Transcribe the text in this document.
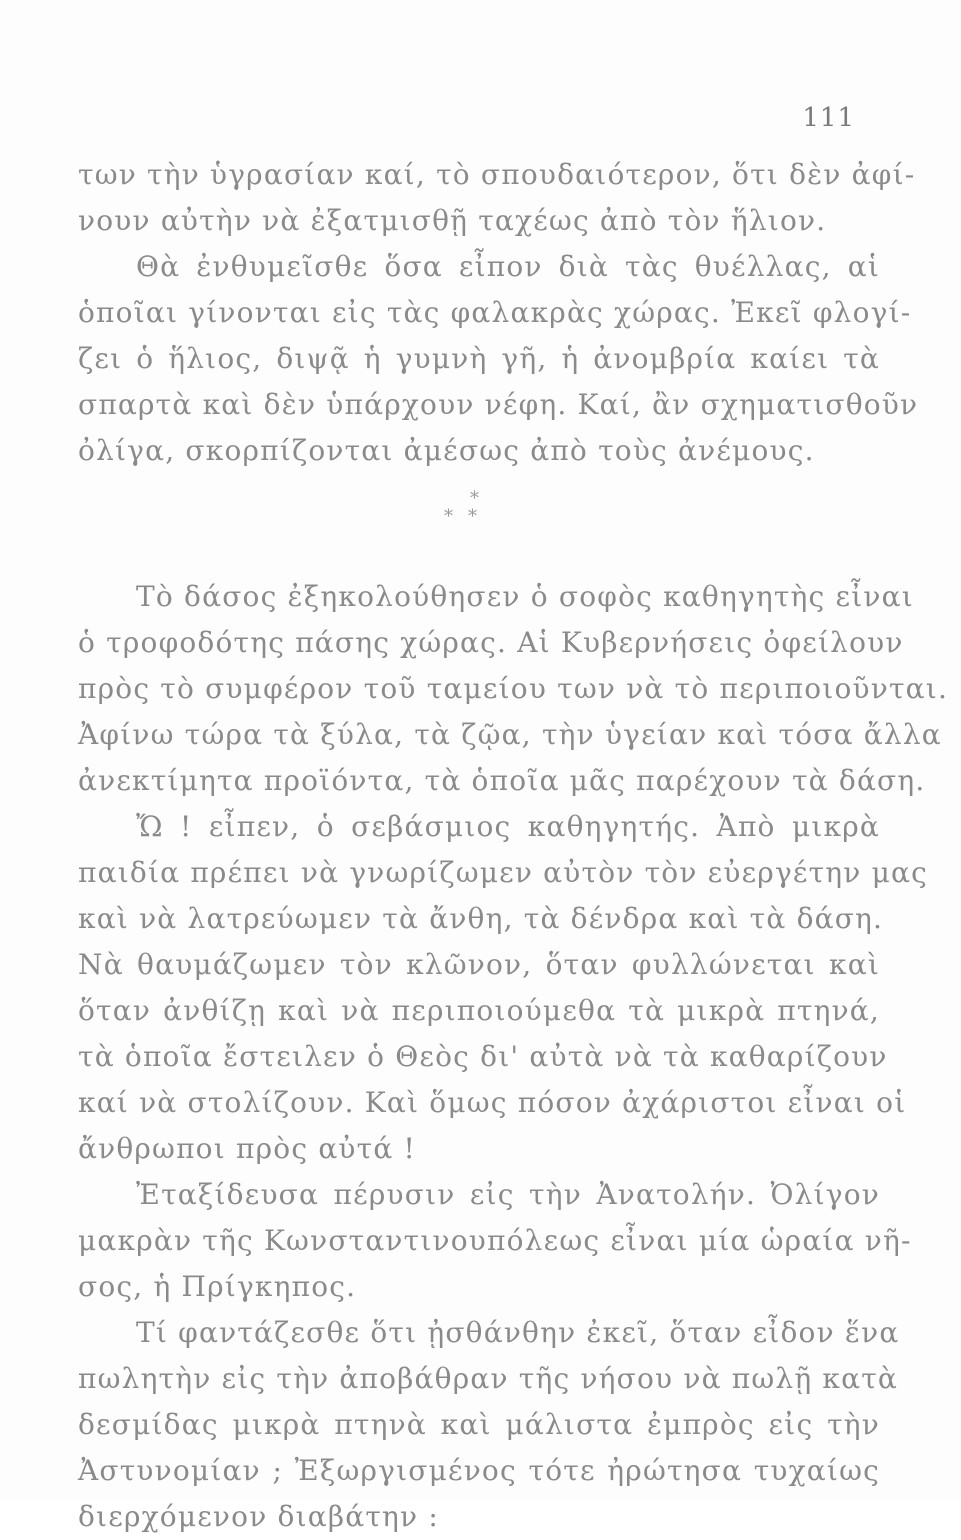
111
των τὴν ὑγρασίαν καί, τὸ σπουδαιότερον, ὅτι δὲν ἀφί-
νουν αὐτὴν νὰ ἐξατμισθῇ ταχέως ἀπὸ τὸν ἥλιον.
Θὰ ἐνθυμεῖσθε ὅσα εἶπον διὰ τὰς θυέλλας, αἱ
ὁποῖαι γίνονται εἰς τὰς φαλακρὰς χώρας. Ἐκεῖ φλογί-
ζει ὁ ἥλιος, διψᾷ ἡ γυμνὴ γῆ, ἡ ἀνομβρία καίει τὰ
σπαρτὰ καὶ δὲν ὑπάρχουν νέφη. Καί, ἂν σχηματισθοῦν
ὀλίγα, σκορπίζονται ἀμέσως ἀπὸ τοὺς ἀνέμους.
*
* *
Τὸ δάσος ἐξηκολούθησεν ὁ σοφὸς καθηγητὴς εἶναι
ὁ τροφοδότης πάσης χώρας. Αἱ Κυβερνήσεις ὀφείλουν
πρὸς τὸ συμφέρον τοῦ ταμείου των νὰ τὸ περιποιοῦνται.
Ἀφίνω τώρα τὰ ξύλα, τὰ ζῷα, τὴν ὑγείαν καὶ τόσα ἄλλα
ἀνεκτίμητα προϊόντα, τὰ ὁποῖα μᾶς παρέχουν τὰ δάση.
Ὤ ! εἶπεν, ὁ σεβάσμιος καθηγητής. Ἀπὸ μικρὰ
παιδία πρέπει νὰ γνωρίζωμεν αὐτὸν τὸν εὐεργέτην μας
καὶ νὰ λατρεύωμεν τὰ ἄνθη, τὰ δένδρα καὶ τὰ δάση.
Νὰ θαυμάζωμεν τὸν κλῶνον, ὅταν φυλλώνεται καὶ
ὅταν ἀνθίζῃ καὶ νὰ περιποιούμεθα τὰ μικρὰ πτηνά,
τὰ ὁποῖα ἔστειλεν ὁ Θεὸς δι' αὐτὰ νὰ τὰ καθαρίζουν
καί νὰ στολίζουν. Καὶ ὅμως πόσον ἀχάριστοι εἶναι οἱ
ἄνθρωποι πρὸς αὐτά !
Ἐταξίδευσα πέρυσιν εἰς τὴν Ἀνατολήν. Ὀλίγον
μακρὰν τῆς Κωνσταντινουπόλεως εἶναι μία ὡραία νῆ-
σος, ἡ Πρίγκηπος.
Τί φαντάζεσθε ὅτι ᾐσθάνθην ἐκεῖ, ὅταν εἶδον ἕνα
πωλητὴν εἰς τὴν ἀποβάθραν τῆς νήσου νὰ πωλῇ κατὰ
δεσμίδας μικρὰ πτηνὰ καὶ μάλιστα ἐμπρὸς εἰς τὴν
Ἀστυνομίαν ; Ἐξωργισμένος τότε ἠρώτησα τυχαίως
διερχόμενον διαβάτην :
